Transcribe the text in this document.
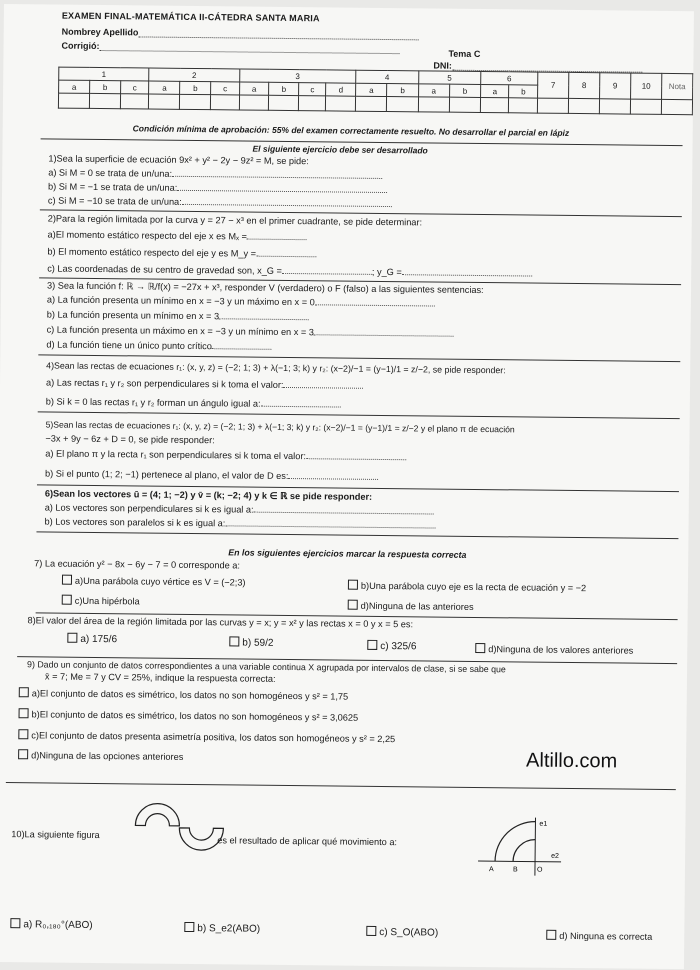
EXAMEN FINAL-MATEMÁTICA II-CÁTEDRA SANTA MARIA
Nombrey Apellido
Tema C
Corrigió:
DNI:
1			2			3				4		5		6		7	8	9	10	Nota
a	b	c	a	b	c	a	b	c	d	a	b	a	b	a	b					

Condición mínima de aprobación: 55% del examen correctamente resuelto. No desarrollar el parcial en lápiz
El siguiente ejercicio debe ser desarrollado
1)Sea la superficie de ecuación 9x² + y² − 2y − 9z² = M, se pide:
a) Si M = 0 se trata de un/una:
b) Si M = −1 se trata de un/una:
c) Si M = −10 se trata de un/una:
2)Para la región limitada por la curva y = 27 − x³ en el primer cuadrante, se pide determinar:
a)El momento estático respecto del eje x es Mₓ =
b) El momento estático respecto del eje y es M_y =
c) Las coordenadas de su centro de gravedad son, x_G =	; y_G =
3) Sea la función f: ℝ → ℝ/f(x) = −27x + x³, responder V (verdadero) o F (falso) a las siguientes sentencias:
a) La función presenta un mínimo en x = −3 y un máximo en x = 0
b) La función presenta un mínimo en x = 3
c) La función presenta un máximo en x = −3 y un mínimo en x = 3
d) La función tiene un único punto crítico
4)Sean las rectas de ecuaciones r₁: (x, y, z) = (−2; 1; 3) + λ(−1; 3; k) y r₂: (x−2)/−1 = (y−1)/1 = z/−2, se pide responder:
a) Las rectas r₁ y r₂ son perpendiculares si k toma el valor:
b) Si k = 0 las rectas r₁ y r₂ forman un ángulo igual a:
5)Sean las rectas de ecuaciones r₁: (x, y, z) = (−2; 1; 3) + λ(−1; 3; k) y r₂: (x−2)/−1 = (y−1)/1 = z/−2 y el plano π de ecuación
−3x + 9y − 6z + D = 0, se pide responder:
a) El plano π y la recta r₁ son perpendiculares si k toma el valor:
b) Si el punto (1; 2; −1) pertenece al plano, el valor de D es:
6)Sean los vectores ū = (4; 1; −2) y v̄ = (k; −2; 4) y k ∈ ℝ se pide responder:
a) Los vectores son perpendiculares si k es igual a:
b) Los vectores son paralelos si k es igual a:
En los siguientes ejercicios marcar la respuesta correcta
7) La ecuación y² − 8x − 6y − 7 = 0 corresponde a:
a)Una parábola cuyo vértice es V = (−2;3)	b)Una parábola cuyo eje es la recta de ecuación y = −2
c)Una hipérbola	d)Ninguna de las anteriores
8)El valor del área de la región limitada por las curvas y = x; y = x² y las rectas x = 0 y x = 5 es:
a) 175/6	b) 59/2	c) 325/6	d)Ninguna de los valores anteriores
9) Dado un conjunto de datos correspondientes a una variable continua X agrupada por intervalos de clase, si se sabe que
x̄ = 7; Me = 7 y CV = 25%, indique la respuesta correcta:
a)El conjunto de datos es simétrico, los datos no son homogéneos y s² = 1,75
b)El conjunto de datos es simétrico, los datos no son homogéneos y s² = 3,0625
c)El conjunto de datos presenta asimetría positiva, los datos son homogéneos y s² = 2,25
d)Ninguna de las opciones anteriores	Altillo.com
10)La siguiente figura
es el resultado de aplicar qué movimiento a:
e1
e2
A	B	O
a) R₀,₁₈₀°(ABO)	b) S_e2(ABO)	c) S_O(ABO)	d) Ninguna es correcta
